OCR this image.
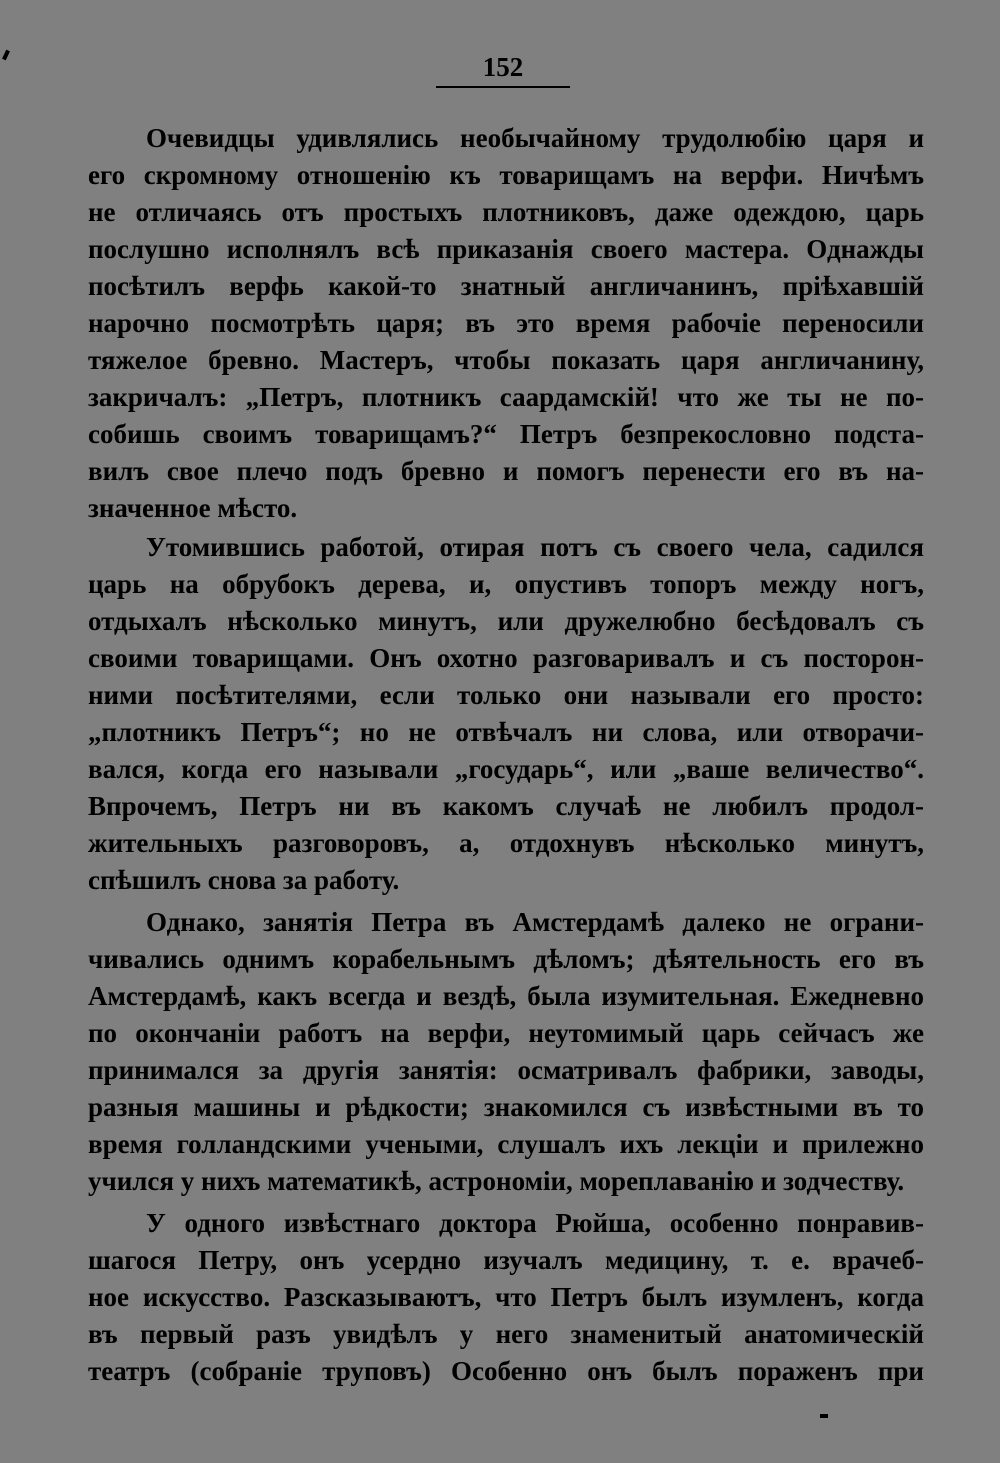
152
Очевидцы удивлялись необычайному трудолюбію царя и
его скромному отношенію къ товарищамъ на верфи. Ничѣмъ
не отличаясь отъ простыхъ плотниковъ, даже одеждою, царь
послушно исполнялъ всѣ приказанія своего мастера. Однажды
посѣтилъ верфь какой-то знатный англичанинъ, пріѣхавшій
нарочно посмотрѣть царя; въ это время рабочіе переносили
тяжелое бревно. Мастеръ, чтобы показать царя англичанину,
закричалъ: „Петръ, плотникъ саардамскій! что же ты не по-
собишь своимъ товарищамъ?“ Петръ безпрекословно подста-
вилъ свое плечо подъ бревно и помогъ перенести его въ на-
значенное мѣсто.
Утомившись работой, отирая потъ съ своего чела, садился
царь на обрубокъ дерева, и, опустивъ топоръ между ногъ,
отдыхалъ нѣсколько минутъ, или дружелюбно бесѣдовалъ съ
своими товарищами. Онъ охотно разговаривалъ и съ посторон-
ними посѣтителями, если только они называли его просто:
„плотникъ Петръ“; но не отвѣчалъ ни слова, или отворачи-
вался, когда его называли „государь“, или „ваше величество“.
Впрочемъ, Петръ ни въ какомъ случаѣ не любилъ продол-
жительныхъ разговоровъ, а, отдохнувъ нѣсколько минутъ,
спѣшилъ снова за работу.
Однако, занятія Петра въ Амстердамѣ далеко не ограни-
чивались однимъ корабельнымъ дѣломъ; дѣятельность его въ
Амстердамѣ, какъ всегда и вездѣ, была изумительная. Ежедневно
по окончаніи работъ на верфи, неутомимый царь сейчасъ же
принимался за другія занятія: осматривалъ фабрики, заводы,
разныя машины и рѣдкости; знакомился съ извѣстными въ то
время голландскими учеными, слушалъ ихъ лекціи и прилежно
учился у нихъ математикѣ, астрономіи, мореплаванію и зодчеству.
У одного извѣстнаго доктора Рюйша, особенно понравив-
шагося Петру, онъ усердно изучалъ медицину, т. е. врачеб-
ное искусство. Разсказываютъ, что Петръ былъ изумленъ, когда
въ первый разъ увидѣлъ у него знаменитый анатомическій
театръ (собраніе труповъ) Особенно онъ былъ пораженъ при
